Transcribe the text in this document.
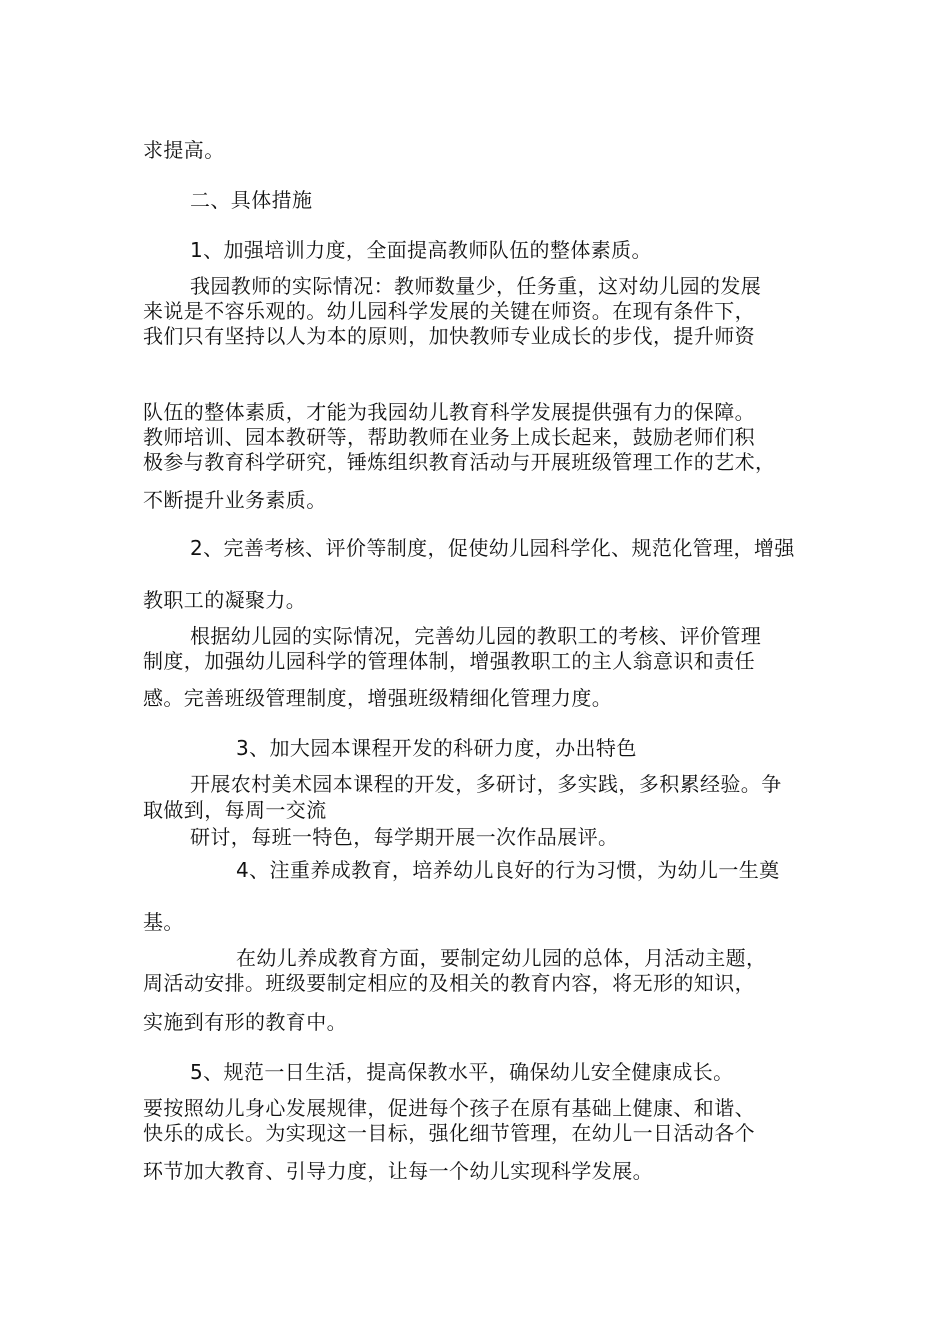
求提高。
二、具体措施
1、加强培训力度，全面提高教师队伍的整体素质。
我园教师的实际情况：教师数量少，任务重，这对幼儿园的发展
来说是不容乐观的。幼儿园科学发展的关键在师资。在现有条件下，
我们只有坚持以人为本的原则，加快教师专业成长的步伐，提升师资
队伍的整体素质，才能为我园幼儿教育科学发展提供强有力的保障。
教师培训、园本教研等，帮助教师在业务上成长起来，鼓励老师们积
极参与教育科学研究，锤炼组织教育活动与开展班级管理工作的艺术，
不断提升业务素质。
2、完善考核、评价等制度，促使幼儿园科学化、规范化管理，增强
教职工的凝聚力。
根据幼儿园的实际情况，完善幼儿园的教职工的考核、评价管理
制度，加强幼儿园科学的管理体制，增强教职工的主人翁意识和责任
感。完善班级管理制度，增强班级精细化管理力度。
3、加大园本课程开发的科研力度，办出特色
开展农村美术园本课程的开发，多研讨，多实践，多积累经验。争
取做到，每周一交流
研讨，每班一特色，每学期开展一次作品展评。
4、注重养成教育，培养幼儿良好的行为习惯，为幼儿一生奠
基。
在幼儿养成教育方面，要制定幼儿园的总体，月活动主题，
周活动安排。班级要制定相应的及相关的教育内容，将无形的知识，
实施到有形的教育中。
5、规范一日生活，提高保教水平，确保幼儿安全健康成长。
要按照幼儿身心发展规律，促进每个孩子在原有基础上健康、和谐、
快乐的成长。为实现这一目标，强化细节管理，在幼儿一日活动各个
环节加大教育、引导力度，让每一个幼儿实现科学发展。
